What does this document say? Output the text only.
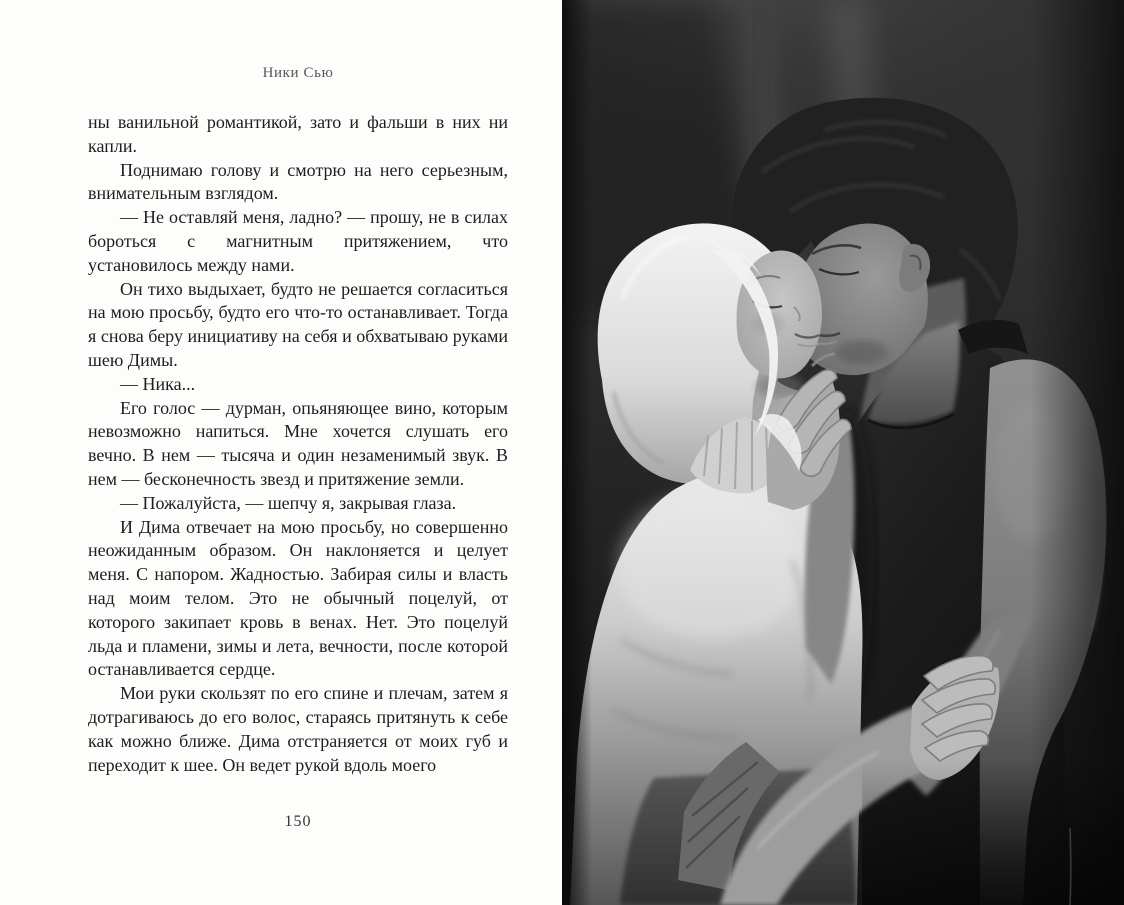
Ники Сью

ны ванильной романтикой, зато и фальши в них ни капли.

Поднимаю голову и смотрю на него серьезным, внимательным взглядом.

— Не оставляй меня, ладно? — прошу, не в силах бороться с магнитным притяжением, что установилось между нами.

Он тихо выдыхает, будто не решается согласиться на мою просьбу, будто его что-то останавливает. Тогда я снова беру инициативу на себя и обхватываю руками шею Димы.

— Ника...

Его голос — дурман, опьяняющее вино, которым невозможно напиться. Мне хочется слушать его вечно. В нем — тысяча и один незаменимый звук. В нем — бесконечность звезд и притяжение земли.

— Пожалуйста, — шепчу я, закрывая глаза.

И Дима отвечает на мою просьбу, но совершенно неожиданным образом. Он наклоняется и целует меня. С напором. Жадностью. Забирая силы и власть над моим телом. Это не обычный поцелуй, от которого закипает кровь в венах. Нет. Это поцелуй льда и пламени, зимы и лета, вечности, после которой останавливается сердце.

Мои руки скользят по его спине и плечам, затем я дотрагиваюсь до его волос, стараясь притянуть к себе как можно ближе. Дима отстраняется от моих губ и переходит к шее. Он ведет рукой вдоль моего

150
